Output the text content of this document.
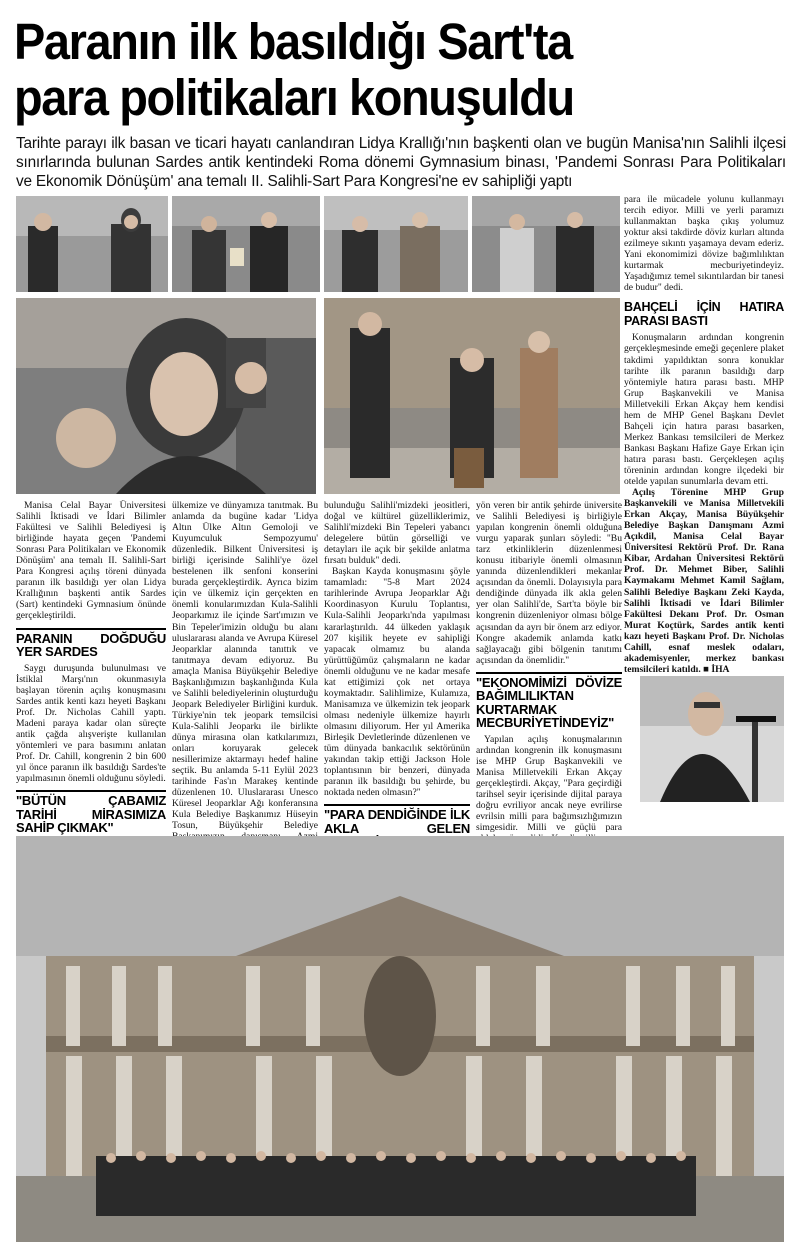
Paranın ilk basıldığı Sart'ta
para politikaları konuşuldu

Tarihte parayı ilk basan ve ticari hayatı canlandıran Lidya Krallığı'nın başkenti olan ve bugün Manisa'nın Salihli ilçesi sınırlarında bulunan Sardes antik kentindeki Roma dönemi Gymnasium binası, 'Pandemi Sonrası Para Politikaları ve Ekonomik Dönüşüm' ana temalı II. Salihli-Sart Para Kongresi'ne ev sahipliği yaptı

para ile mücadele yolunu kullanmayı tercih ediyor. Milli ve yerli paramızı kullanmaktan başka çıkış yolumuz yoktur aksi takdirde döviz kurları altında ezilmeye sıkıntı yaşamaya devam ederiz. Yani ekonomimizi dövize bağımlılıktan kurtarmak mecburiyetindeyiz. Yaşadığımız temel sıkıntılardan bir tanesi de budur" dedi.

BAHÇELİ İÇİN HATIRA PARASI BASTI

Konuşmaların ardından kongrenin gerçekleşmesinde emeği geçenlere plaket takdimi yapıldıktan sonra konuklar tarihte ilk paranın basıldığı darp yöntemiyle hatıra parası bastı. MHP Grup Başkanvekili ve Manisa Milletvekili Erkan Akçay hem kendisi hem de MHP Genel Başkanı Devlet Bahçeli için hatıra parası basarken, Merkez Bankası temsilcileri de Merkez Bankası Başkanı Hafize Gaye Erkan için hatıra parası bastı. Gerçekleşen açılış töreninin ardından kongre ilçedeki bir otelde yapılan sunumlarla devam etti.

Açılış Törenine MHP Grup Başkanvekili ve Manisa Milletvekili Erkan Akçay, Manisa Büyükşehir Belediye Başkan Danışmanı Azmi Açıkdil, Manisa Celal Bayar Üniversitesi Rektörü Prof. Dr. Rana Kibar, Ardahan Üniversitesi Rektörü Prof. Dr. Mehmet Biber, Salihli Kaymakamı Mehmet Kamil Sağlam, Salihli Belediye Başkanı Zeki Kayda, Salihli İktisadi ve İdari Bilimler Fakültesi Dekanı Prof. Dr. Osman Murat Koçtürk, Sardes antik kenti kazı heyeti Başkanı Prof. Dr. Nicholas Cahill, esnaf meslek odaları, akademisyenler, merkez bankası temsilcileri katıldı. ■ İHA

Manisa Celal Bayar Üniversitesi Salihli İktisadi ve İdari Bilimler Fakültesi ve Salihli Belediyesi iş birliğinde hayata geçen 'Pandemi Sonrası Para Politikaları ve Ekonomik Dönüşüm' ana temalı II. Salihli-Sart Para Kongresi açılış töreni dünyada paranın ilk basıldığı yer olan Lidya Krallığının başkenti antik Sardes (Sart) kentindeki Gymnasium önünde gerçekleştirildi.

PARANIN DOĞDUĞU YER SARDES

Saygı duruşunda bulunulması ve İstiklal Marşı'nın okunmasıyla başlayan törenin açılış konuşmasını Sardes antik kenti kazı heyeti Başkanı Prof. Dr. Nicholas Cahill yaptı. Madeni paraya kadar olan süreçte antik çağda alışverişte kullanılan yöntemleri ve para basımını anlatan Prof. Dr. Cahill, kongrenin 2 bin 600 yıl önce paranın ilk basıldığı Sardes'te yapılmasının önemli olduğunu söyledi.

"BÜTÜN ÇABAMIZ TARİHİ MİRASIMIZA SAHİP ÇIKMAK"

ülkemize ve dünyamıza tanıtmak. Bu anlamda da bugüne kadar 'Lidya Altın Ülke Altın Gemoloji ve Kuyumculuk Sempozyumu' düzenledik. Bilkent Üniversitesi iş birliği içerisinde Salihli'ye özel bestelenen ilk senfoni konserini burada gerçekleştirdik. Ayrıca bizim için ve ülkemiz için gerçekten en önemli konularımızdan Kula-Salihli Jeoparkımız ile içinde Sart'ımızın ve Bin Tepeler'imizin olduğu bu alanı uluslararası alanda ve Avrupa Küresel Jeoparklar alanında tanıttık ve tanıtmaya devam ediyoruz. Bu amaçla Manisa Büyükşehir Belediye Başkanlığımızın başkanlığında Kula ve Salihli belediyelerinin oluşturduğu Jeopark Belediyeler Birliğini kurduk. Türkiye'nin tek jeopark temsilcisi Kula-Salihli Jeoparkı ile birlikte dünya mirasına olan katkılarımızı, onları koruyarak gelecek nesillerimize aktarmayı hedef haline seçtik. Bu anlamda 5-11 Eylül 2023 tarihinde Fas'ın Marakeş kentinde düzenlenen 10. Uluslararası Unesco Küresel Jeoparklar Ağı konferansına Kula Belediye Başkanımız Hüseyin Tosun, Büyükşehir Belediye

bulunduğu Salihli'mizdeki jeositleri, doğal ve kültürel güzelliklerimiz, Salihli'mizdeki Bin Tepeleri yabancı delegelere bütün görselliği ve detayları ile açık bir şekilde anlatma fırsatı bulduk" dedi.

Başkan Kayda konuşmasını şöyle tamamladı: "5-8 Mart 2024 tarihlerinde Avrupa Jeoparklar Ağı Koordinasyon Kurulu Toplantısı, Kula-Salihli Jeoparkı'nda yapılması kararlaştırıldı. 44 ülkeden yaklaşık 207 kişilik heyete ev sahipliği yapacak olmamız bu alanda yürüttüğümüz çalışmaların ne kadar önemli olduğunu ve ne kadar mesafe kat ettiğimizi çok net ortaya koymaktadır. Salihlimize, Kulamıza, Manisamıza ve ülkemizin tek jeopark olması nedeniyle ülkemize hayırlı olmasını diliyorum. Her yıl Amerika Birleşik Devletlerinde düzenlenen ve tüm dünyada bankacılık sektörünün yakından takip ettiği Jackson Hole toplantısının bir benzeri, dünyada paranın ilk basıldığı bu şehirde, bu noktada neden olmasın?"

"PARA DENDİĞİNDE İLK AKLA GELEN

yön veren bir antik şehirde üniversite ve Salihli Belediyesi iş birliğiyle yapılan kongrenin önemli olduğuna vurgu yaparak şunları söyledi: "Bu tarz etkinliklerin düzenlenmesi konusu itibariyle önemli olmasının yanında düzenlendikleri mekanlar açısından da önemli. Dolayısıyla para dendiğinde dünyada ilk akla gelen yer olan Salihli'de, Sart'ta böyle bir kongrenin düzenleniyor olması bölge açısından da ayrı bir önem arz ediyor. Kongre akademik anlamda katkı sağlayacağı gibi bölgenin tanıtımı açısından da önemlidir."

"EKONOMİMİZİ DÖVİZE BAĞIMLILIKTAN KURTARMAK MECBURİYETİNDEYİZ"

Yapılan açılış konuşmalarının ardından kongrenin ilk konuşmasını ise MHP Grup Başkanvekili ve Manisa Milletvekili Erkan Akçay gerçekleştirdi. Akçay, "Para geçirdiği tarihsel seyir içerisinde dijital paraya doğru evriliyor ancak neye evrilirse evrilsin milli para bağımsızlığımızın simgesidir. Milli ve güçlü para
